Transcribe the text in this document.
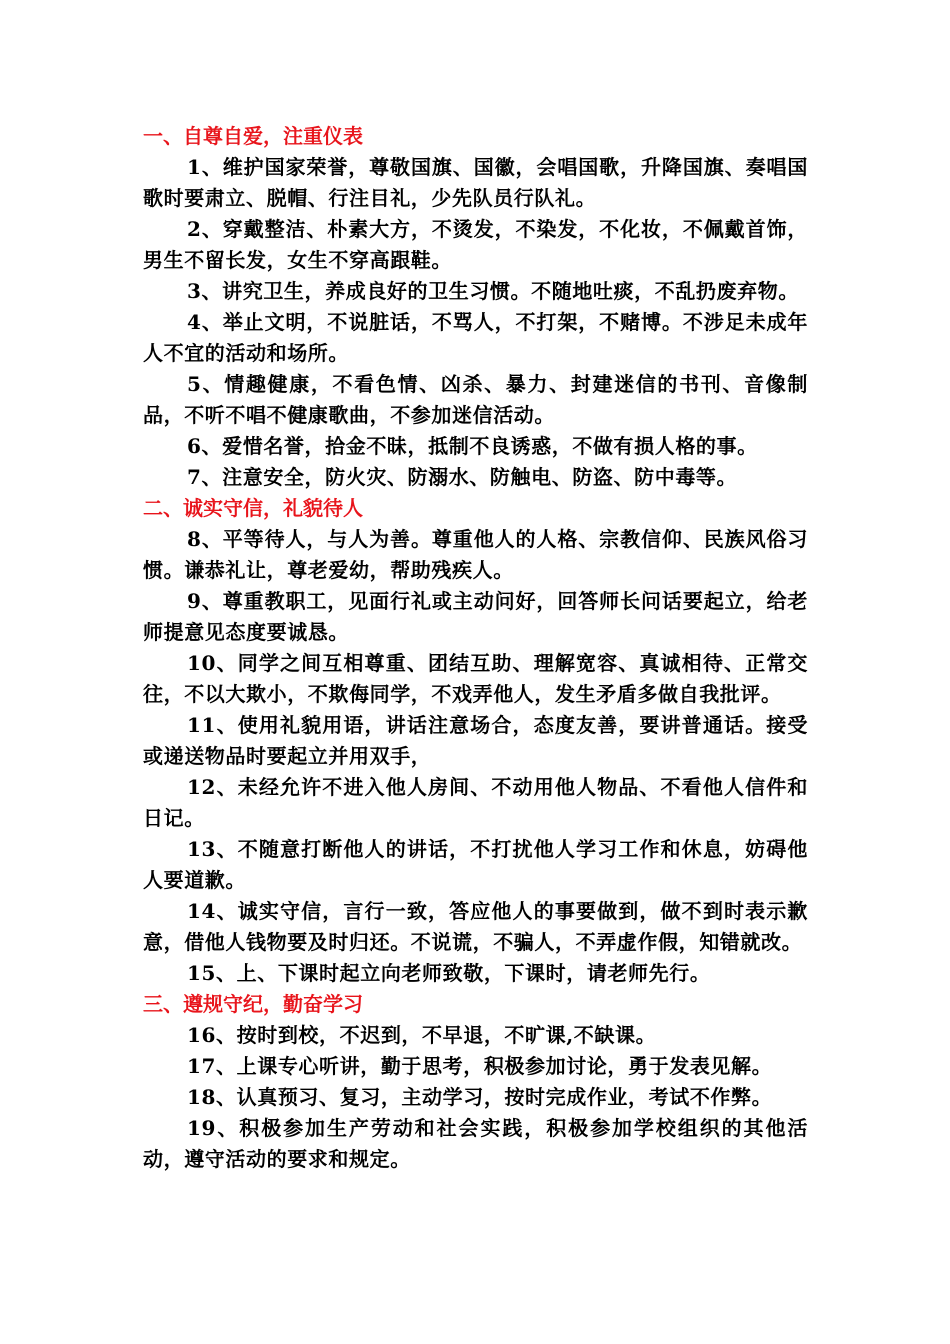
一、自尊自爱，注重仪表

1、维护国家荣誉，尊敬国旗、国徽，会唱国歌，升降国旗、奏唱国歌时要肃立、脱帽、行注目礼，少先队员行队礼。

2、穿戴整洁、朴素大方，不烫发，不染发，不化妆，不佩戴首饰，男生不留长发，女生不穿高跟鞋。

3、讲究卫生，养成良好的卫生习惯。不随地吐痰，不乱扔废弃物。

4、举止文明，不说脏话，不骂人，不打架，不赌博。不涉足未成年人不宜的活动和场所。

5、情趣健康，不看色情、凶杀、暴力、封建迷信的书刊、音像制品，不听不唱不健康歌曲，不参加迷信活动。

6、爱惜名誉，拾金不昧，抵制不良诱惑，不做有损人格的事。

7、注意安全，防火灾、防溺水、防触电、防盗、防中毒等。

二、诚实守信，礼貌待人

8、平等待人，与人为善。尊重他人的人格、宗教信仰、民族风俗习惯。谦恭礼让，尊老爱幼，帮助残疾人。

9、尊重教职工，见面行礼或主动问好，回答师长问话要起立，给老师提意见态度要诚恳。

10、同学之间互相尊重、团结互助、理解宽容、真诚相待、正常交往，不以大欺小，不欺侮同学，不戏弄他人，发生矛盾多做自我批评。

11、使用礼貌用语，讲话注意场合，态度友善，要讲普通话。接受或递送物品时要起立并用双手，

12、未经允许不进入他人房间、不动用他人物品、不看他人信件和日记。

13、不随意打断他人的讲话，不打扰他人学习工作和休息，妨碍他人要道歉。

14、诚实守信，言行一致，答应他人的事要做到，做不到时表示歉意，借他人钱物要及时归还。不说谎，不骗人，不弄虚作假，知错就改。

15、上、下课时起立向老师致敬，下课时，请老师先行。

三、遵规守纪，勤奋学习

16、按时到校，不迟到，不早退，不旷课,不缺课。

17、上课专心听讲，勤于思考，积极参加讨论，勇于发表见解。

18、认真预习、复习，主动学习，按时完成作业，考试不作弊。

19、积极参加生产劳动和社会实践，积极参加学校组织的其他活动，遵守活动的要求和规定。
